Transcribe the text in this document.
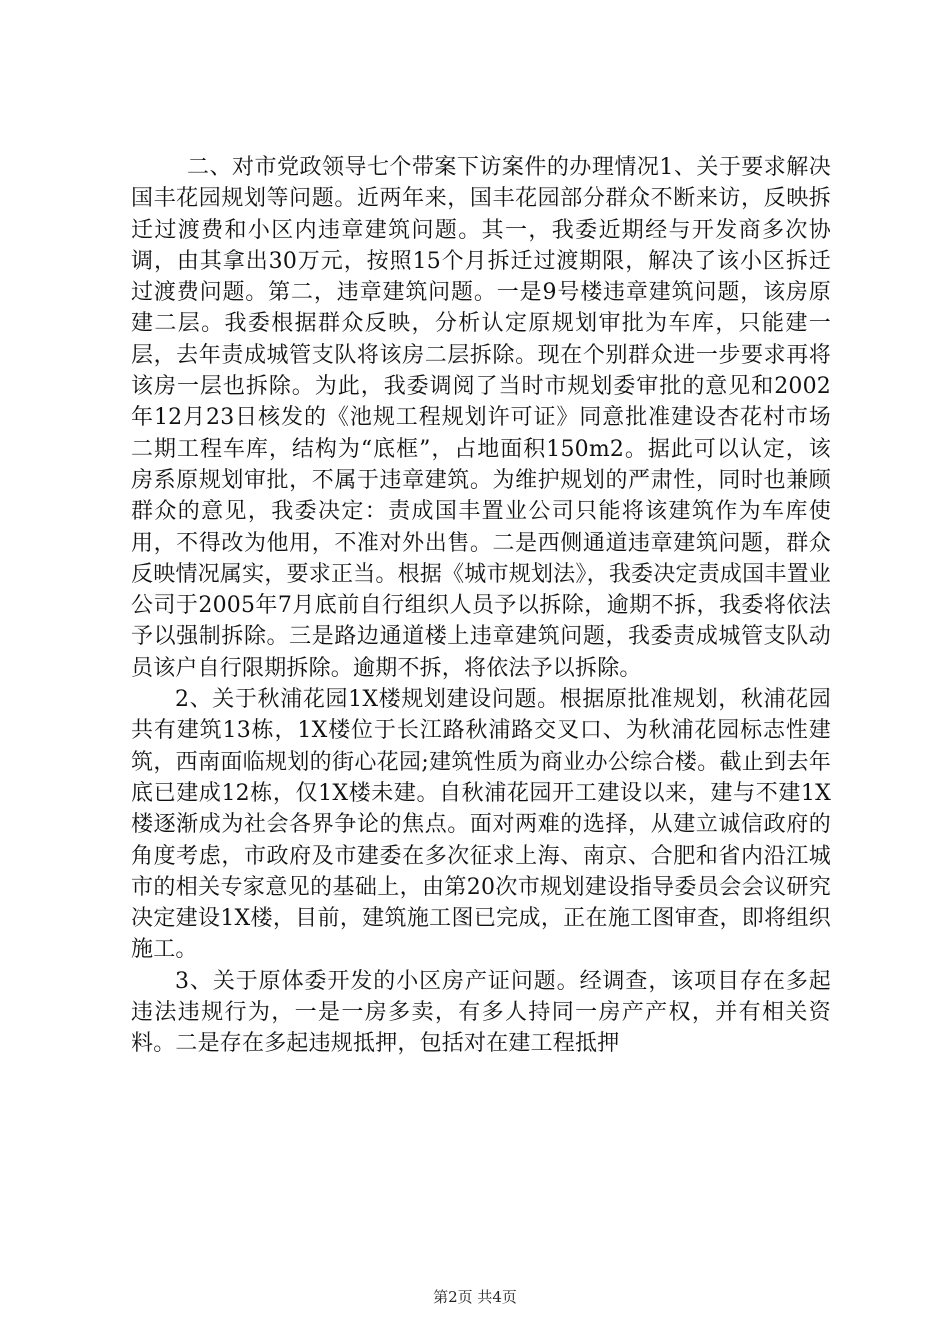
二、对市党政领导七个带案下访案件的办理情况1、关于要求解决国丰花园规划等问题。近两年来，国丰花园部分群众不断来访，反映拆迁过渡费和小区内违章建筑问题。其一，我委近期经与开发商多次协调，由其拿出30万元，按照15个月拆迁过渡期限，解决了该小区拆迁过渡费问题。第二，违章建筑问题。一是9号楼违章建筑问题，该房原建二层。我委根据群众反映，分析认定原规划审批为车库，只能建一层，去年责成城管支队将该房二层拆除。现在个别群众进一步要求再将该房一层也拆除。为此，我委调阅了当时市规划委审批的意见和2002年12月23日核发的《池规工程规划许可证》同意批准建设杏花村市场二期工程车库，结构为“底框”，占地面积150m2。据此可以认定，该房系原规划审批，不属于违章建筑。为维护规划的严肃性，同时也兼顾群众的意见，我委决定：责成国丰置业公司只能将该建筑作为车库使用，不得改为他用，不准对外出售。二是西侧通道违章建筑问题，群众反映情况属实，要求正当。根据《城市规划法》，我委决定责成国丰置业公司于2005年7月底前自行组织人员予以拆除，逾期不拆，我委将依法予以强制拆除。三是路边通道楼上违章建筑问题，我委责成城管支队动员该户自行限期拆除。逾期不拆，将依法予以拆除。

2、关于秋浦花园1X楼规划建设问题。根据原批准规划，秋浦花园共有建筑13栋，1X楼位于长江路秋浦路交叉口、为秋浦花园标志性建筑，西南面临规划的街心花园;建筑性质为商业办公综合楼。截止到去年底已建成12栋，仅1X楼未建。自秋浦花园开工建设以来，建与不建1X楼逐渐成为社会各界争论的焦点。面对两难的选择，从建立诚信政府的角度考虑，市政府及市建委在多次征求上海、南京、合肥和省内沿江城市的相关专家意见的基础上，由第20次市规划建设指导委员会会议研究决定建设1X楼，目前，建筑施工图已完成，正在施工图审查，即将组织施工。

3、关于原体委开发的小区房产证问题。经调查，该项目存在多起违法违规行为，一是一房多卖，有多人持同一房产产权，并有相关资料。二是存在多起违规抵押，包括对在建工程抵押

第2页 共4页
